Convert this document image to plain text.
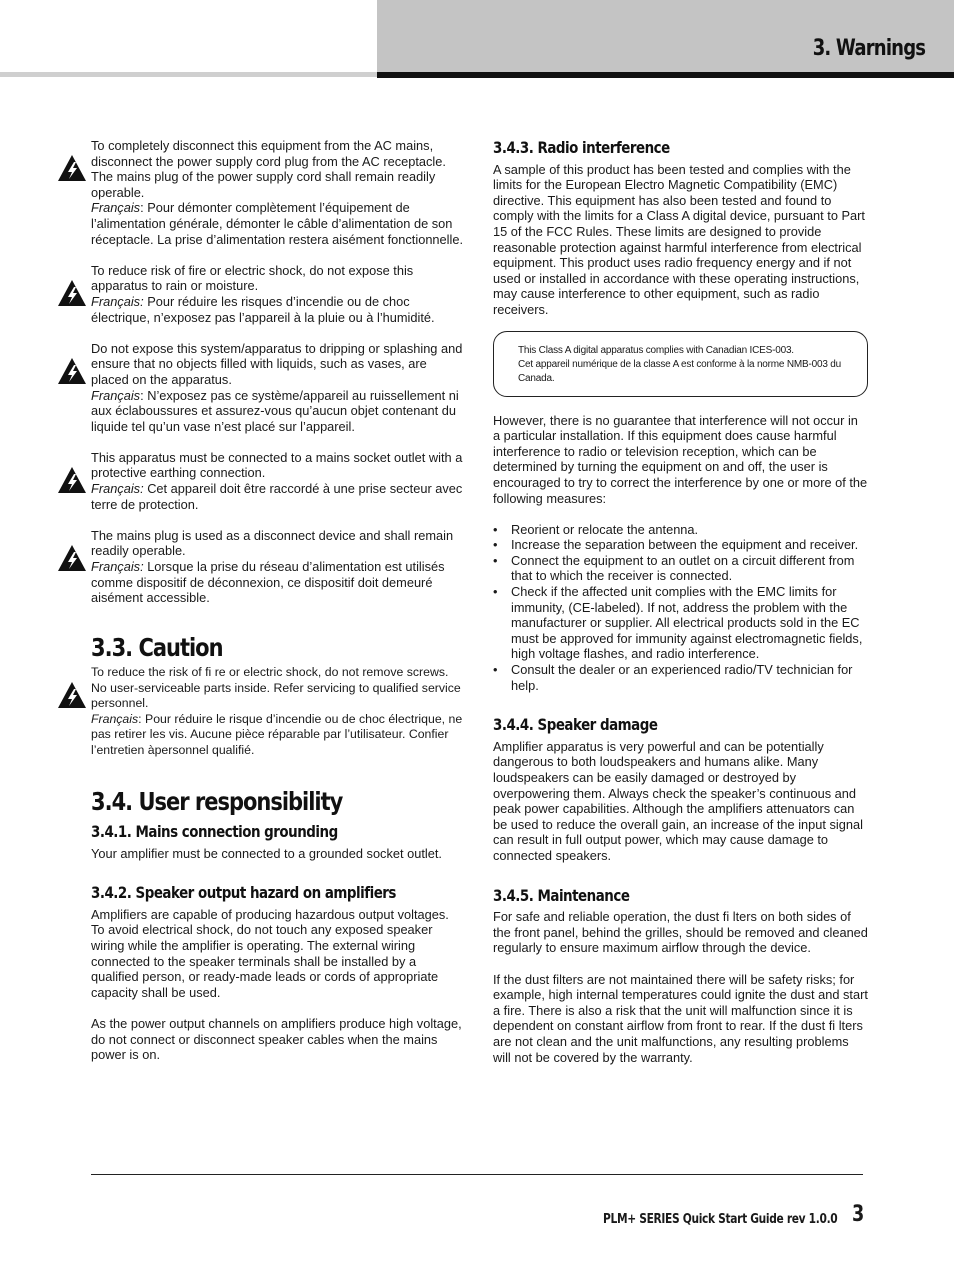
3. Warnings

To completely disconnect this equipment from the AC mains, disconnect the power supply cord plug from the AC receptacle. The mains plug of the power supply cord shall remain readily operable.

Français: Pour démonter complètement l’équipement de l’alimentation générale, démonter le câble d’alimentation de son réceptacle. La prise d’alimentation restera aisément fonctionnelle.

To reduce risk of fire or electric shock, do not expose this apparatus to rain or moisture.

Français: Pour réduire les risques d’incendie ou de choc électrique, n’exposez pas l’appareil à la pluie ou à l’humidité.

Do not expose this system/apparatus to dripping or splashing and ensure that no objects filled with liquids, such as vases, are placed on the apparatus.

Français: N’exposez pas ce système/appareil au ruissellement ni aux éclaboussures et assurez-vous qu’aucun objet contenant du liquide tel qu’un vase n’est placé sur l’appareil.

This apparatus must be connected to a mains socket outlet with a protective earthing connection.

Français: Cet appareil doit être raccordé à une prise secteur avec terre de protection.

The mains plug is used as a disconnect device and shall remain readily operable.

Français: Lorsque la prise du réseau d’alimentation est utilisés comme dispositif de déconnexion, ce dispositif doit demeuré aisément accessible.

3.3. Caution

To reduce the risk of fi re or electric shock, do not remove screws. No user-serviceable parts inside. Refer servicing to qualified service personnel.

Français: Pour réduire le risque d’incendie ou de choc électrique, ne pas retirer les vis. Aucune pièce réparable par l’utilisateur. Confier l’entretien àpersonnel qualifié.

3.4. User responsibility
3.4.1. Mains connection grounding

Your amplifier must be connected to a grounded socket outlet.

3.4.2. Speaker output hazard on amplifiers

Amplifiers are capable of producing hazardous output voltages. To avoid electrical shock, do not touch any exposed speaker wiring while the amplifier is operating. The external wiring connected to the speaker terminals shall be installed by a qualified person, or ready-made leads or cords of appropriate capacity shall be used.

As the power output channels on amplifiers produce high voltage, do not connect or disconnect speaker cables when the mains power is on.

3.4.3. Radio interference

A sample of this product has been tested and complies with the limits for the European Electro Magnetic Compatibility (EMC) directive. This equipment has also been tested and found to comply with the limits for a Class A digital device, pursuant to Part 15 of the FCC Rules. These limits are designed to provide reasonable protection against harmful interference from electrical equipment. This product uses radio frequency energy and if not used or installed in accordance with these operating instructions, may cause interference to other equipment, such as radio receivers.

This Class A digital apparatus complies with Canadian ICES-003.
Cet appareil numérique de la classe A est conforme à la norme NMB-003 du Canada.

However, there is no guarantee that interference will not occur in a particular installation. If this equipment does cause harmful interference to radio or television reception, which can be determined by turning the equipment on and off, the user is encouraged to try to correct the interference by one or more of the following measures:

• Reorient or relocate the antenna.
• Increase the separation between the equipment and receiver.
• Connect the equipment to an outlet on a circuit different from that to which the receiver is connected.
• Check if the affected unit complies with the EMC limits for immunity, (CE-labeled). If not, address the problem with the manufacturer or supplier. All electrical products sold in the EC must be approved for immunity against electromagnetic fields, high voltage flashes, and radio interference.
• Consult the dealer or an experienced radio/TV technician for help.
3.4.4. Speaker damage

Amplifier apparatus is very powerful and can be potentially dangerous to both loudspeakers and humans alike. Many loudspeakers can be easily damaged or destroyed by overpowering them. Always check the speaker’s continuous and peak power capabilities. Although the amplifiers attenuators can be used to reduce the overall gain, an increase of the input signal can result in full output power, which may cause damage to connected speakers.

3.4.5. Maintenance

For safe and reliable operation, the dust fi lters on both sides of the front panel, behind the grilles, should be removed and cleaned regularly to ensure maximum airflow through the device.

If the dust filters are not maintained there will be safety risks; for example, high internal temperatures could ignite the dust and start a fire. There is also a risk that the unit will malfunction since it is dependent on constant airflow from front to rear. If the dust fi lters are not clean and the unit malfunctions, any resulting problems will not be covered by the warranty.

PLM+ SERIES Quick Start Guide rev 1.0.0 3
